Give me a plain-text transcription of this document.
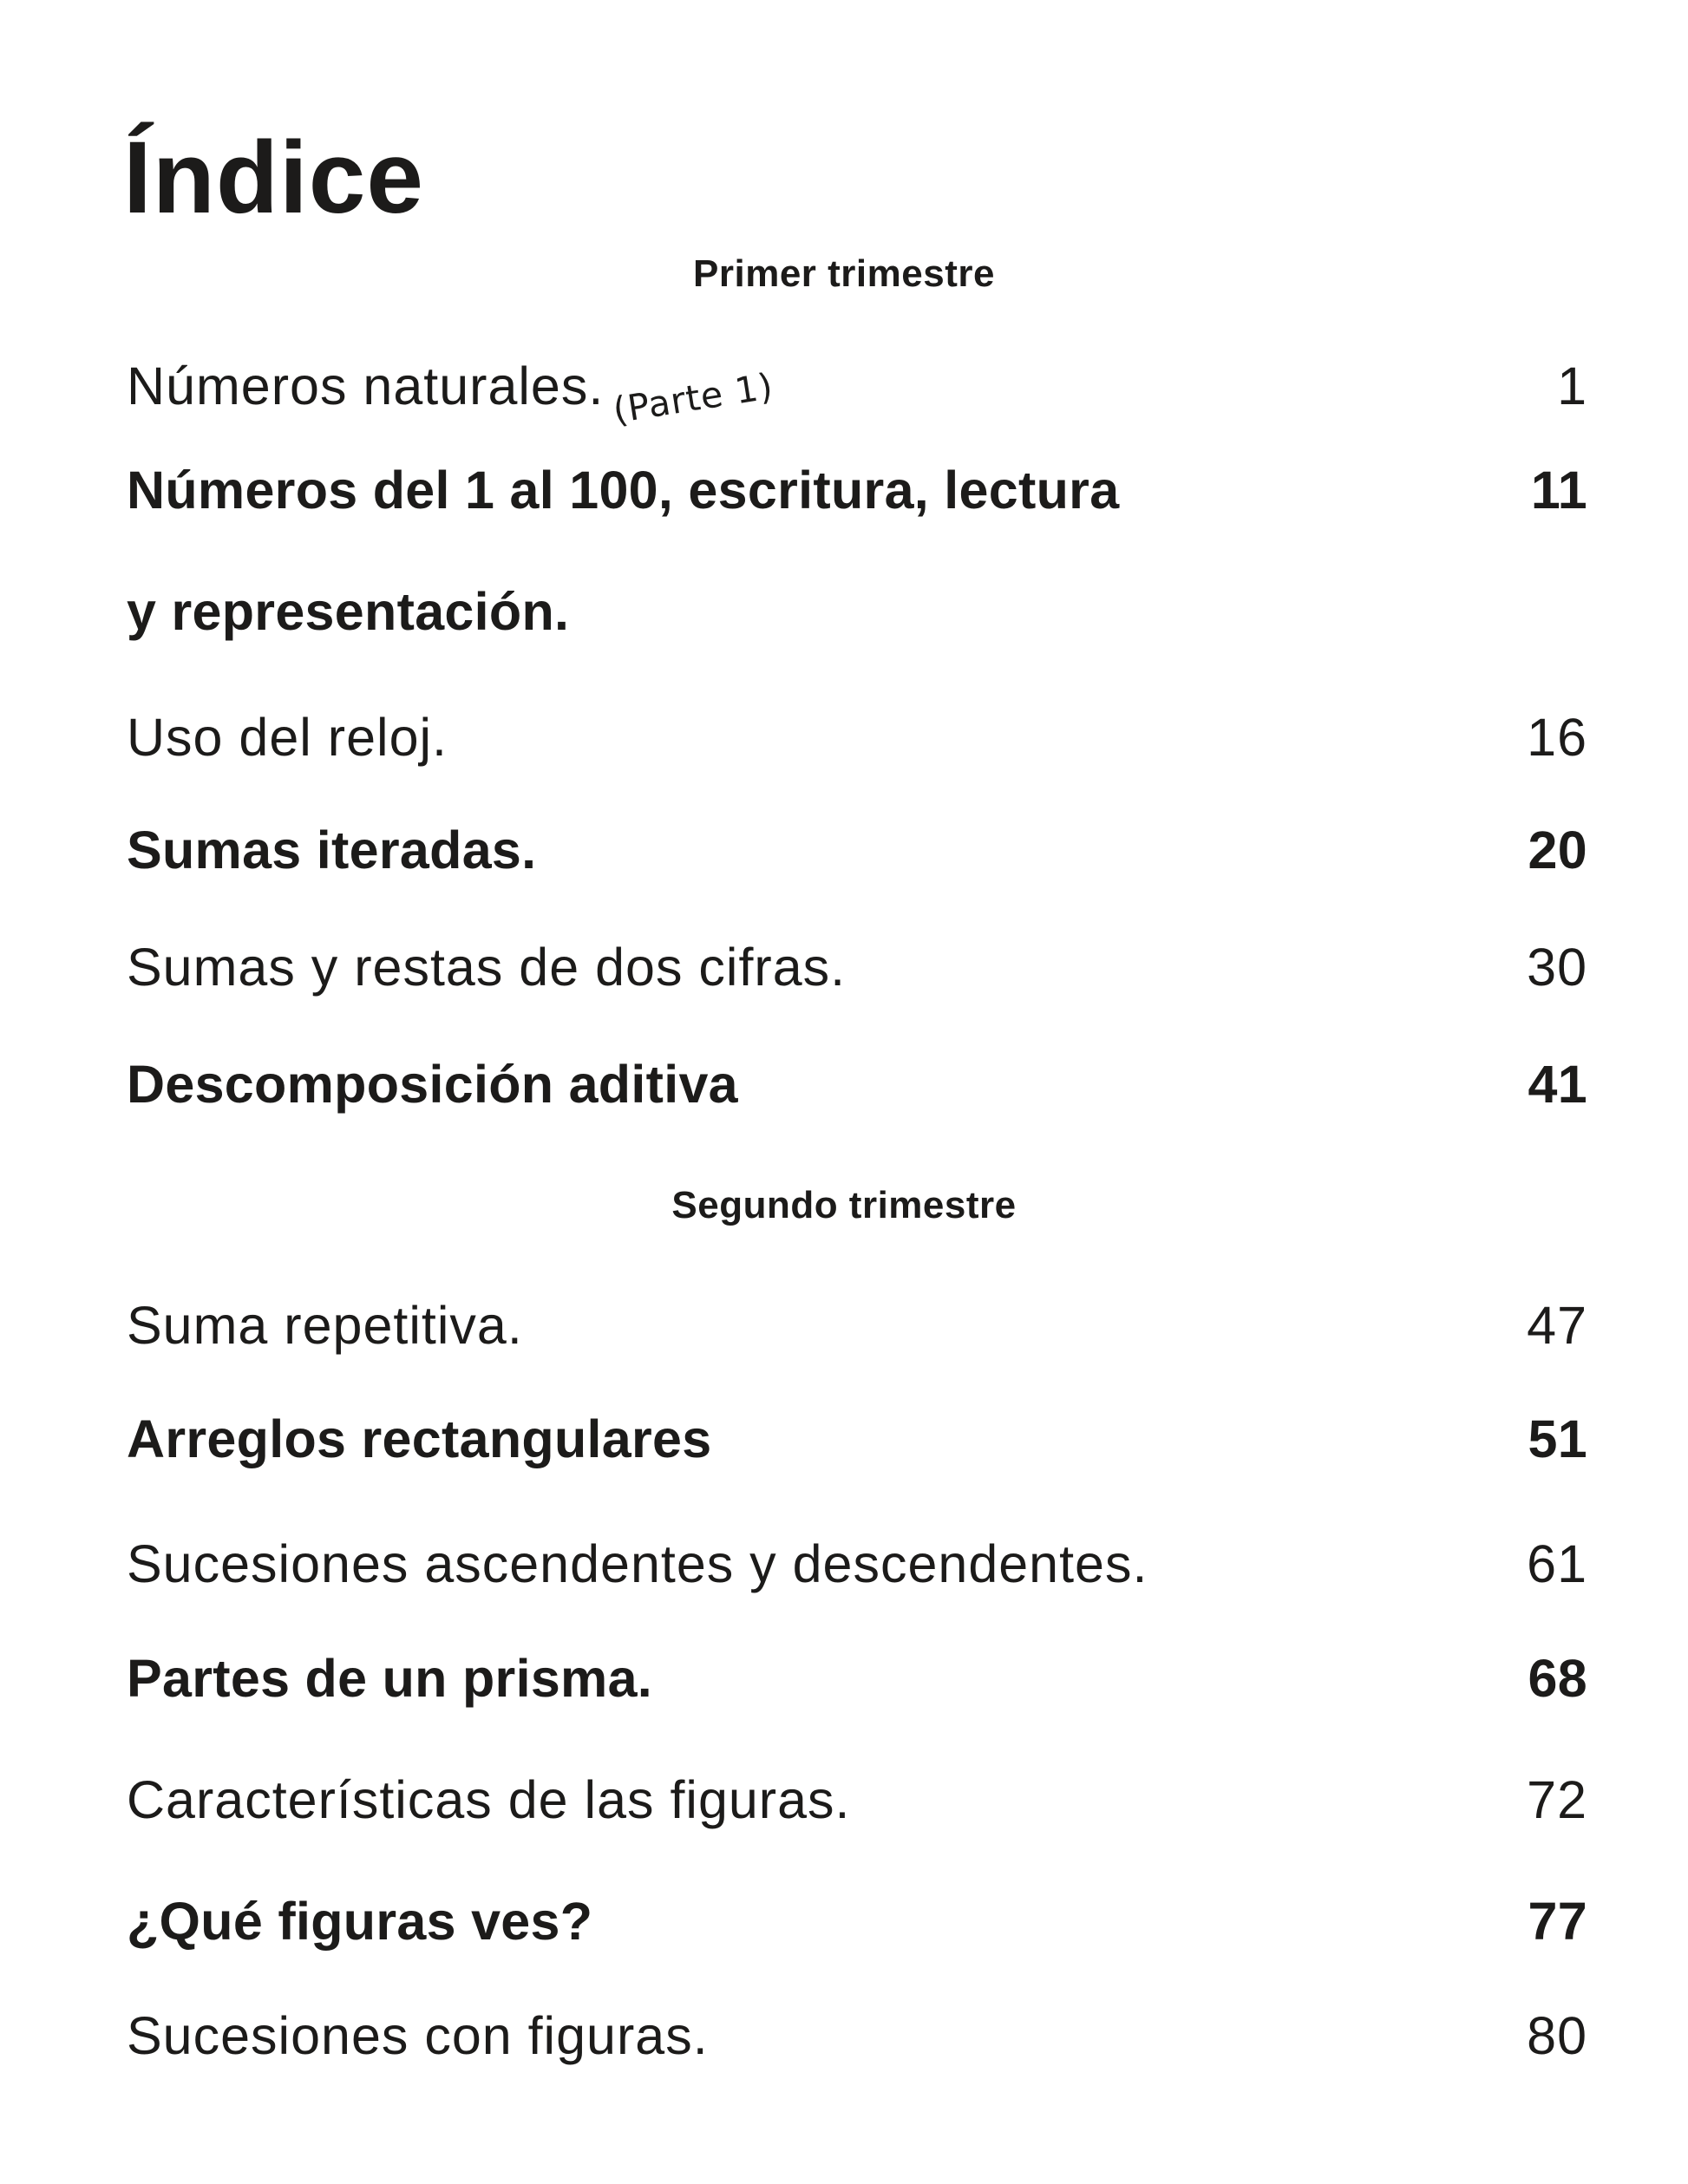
Índice
Primer trimestre
Números naturales. (Parte 1)	1
Números del 1 al 100, escritura, lectura	11
y representación.
Uso del reloj.	16
Sumas iteradas.	20
Sumas y restas de dos cifras.	30
Descomposición aditiva	41
Segundo trimestre
Suma repetitiva.	47
Arreglos rectangulares	51
Sucesiones ascendentes y descendentes.	61
Partes de un prisma.	68
Características de las figuras.	72
¿Qué figuras ves?	77
Sucesiones con figuras.	80
